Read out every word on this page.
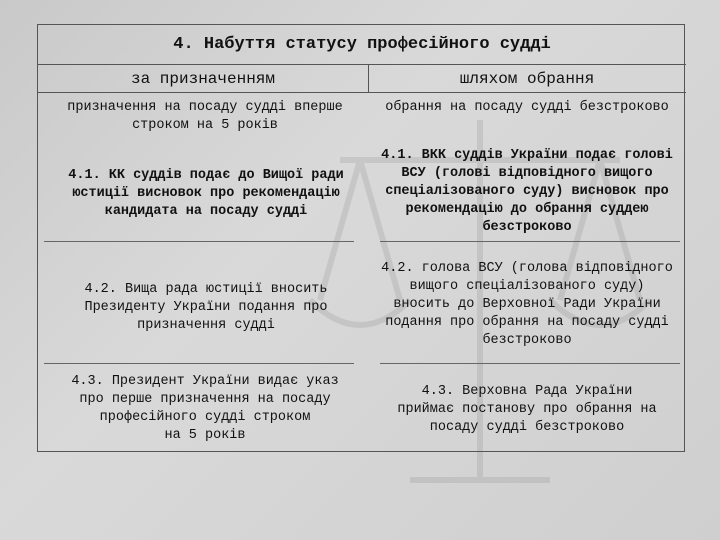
4. Набуття статусу професійного судді
за призначенням	шляхом обрання
призначення на посаду судді вперше
строком на 5 років
обрання на посаду судді безстроково
4.1. КК суддів подає до Вищої ради
юстиції висновок про рекомендацію
кандидата на посаду судді
4.1. ВКК суддів України подає голові
ВСУ (голові відповідного вищого
спеціалізованого суду) висновок про
рекомендацію до обрання суддею
безстроково
4.2. Вища рада юстиції вносить
Президенту України подання про
призначення судді
4.2. голова ВСУ (голова відповідного
вищого спеціалізованого суду)
вносить до Верховної Ради України
подання про обрання на посаду судді
безстроково
4.3. Президент України видає указ
про перше призначення на посаду
професійного судді строком
на 5 років
4.3. Верховна Рада України
приймає постанову про обрання на
посаду судді безстроково
